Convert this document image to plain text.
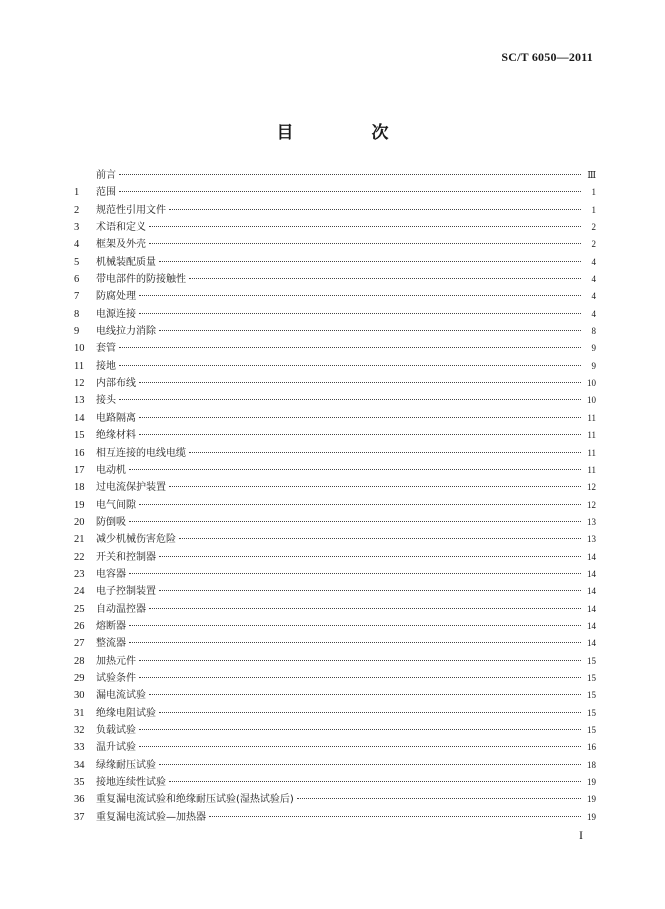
SC/T 6050—2011
目 次
前言	Ⅲ
1	范围	1
2	规范性引用文件	1
3	术语和定义	2
4	框架及外壳	2
5	机械装配质量	4
6	带电部件的防接触性	4
7	防腐处理	4
8	电源连接	4
9	电线拉力消除	8
10	套管	9
11	接地	9
12	内部布线	10
13	接头	10
14	电路隔离	11
15	绝缘材料	11
16	相互连接的电线电缆	11
17	电动机	11
18	过电流保护装置	12
19	电气间隙	12
20	防倒吸	13
21	减少机械伤害危险	13
22	开关和控制器	14
23	电容器	14
24	电子控制装置	14
25	自动温控器	14
26	熔断器	14
27	整流器	14
28	加热元件	15
29	试验条件	15
30	漏电流试验	15
31	绝缘电阻试验	15
32	负载试验	15
33	温升试验	16
34	绿缘耐压试验	18
35	接地连续性试验	19
36	重复漏电流试验和绝缘耐压试验(湿热试验后)	19
37	重复漏电流试验—加热器	19
I
